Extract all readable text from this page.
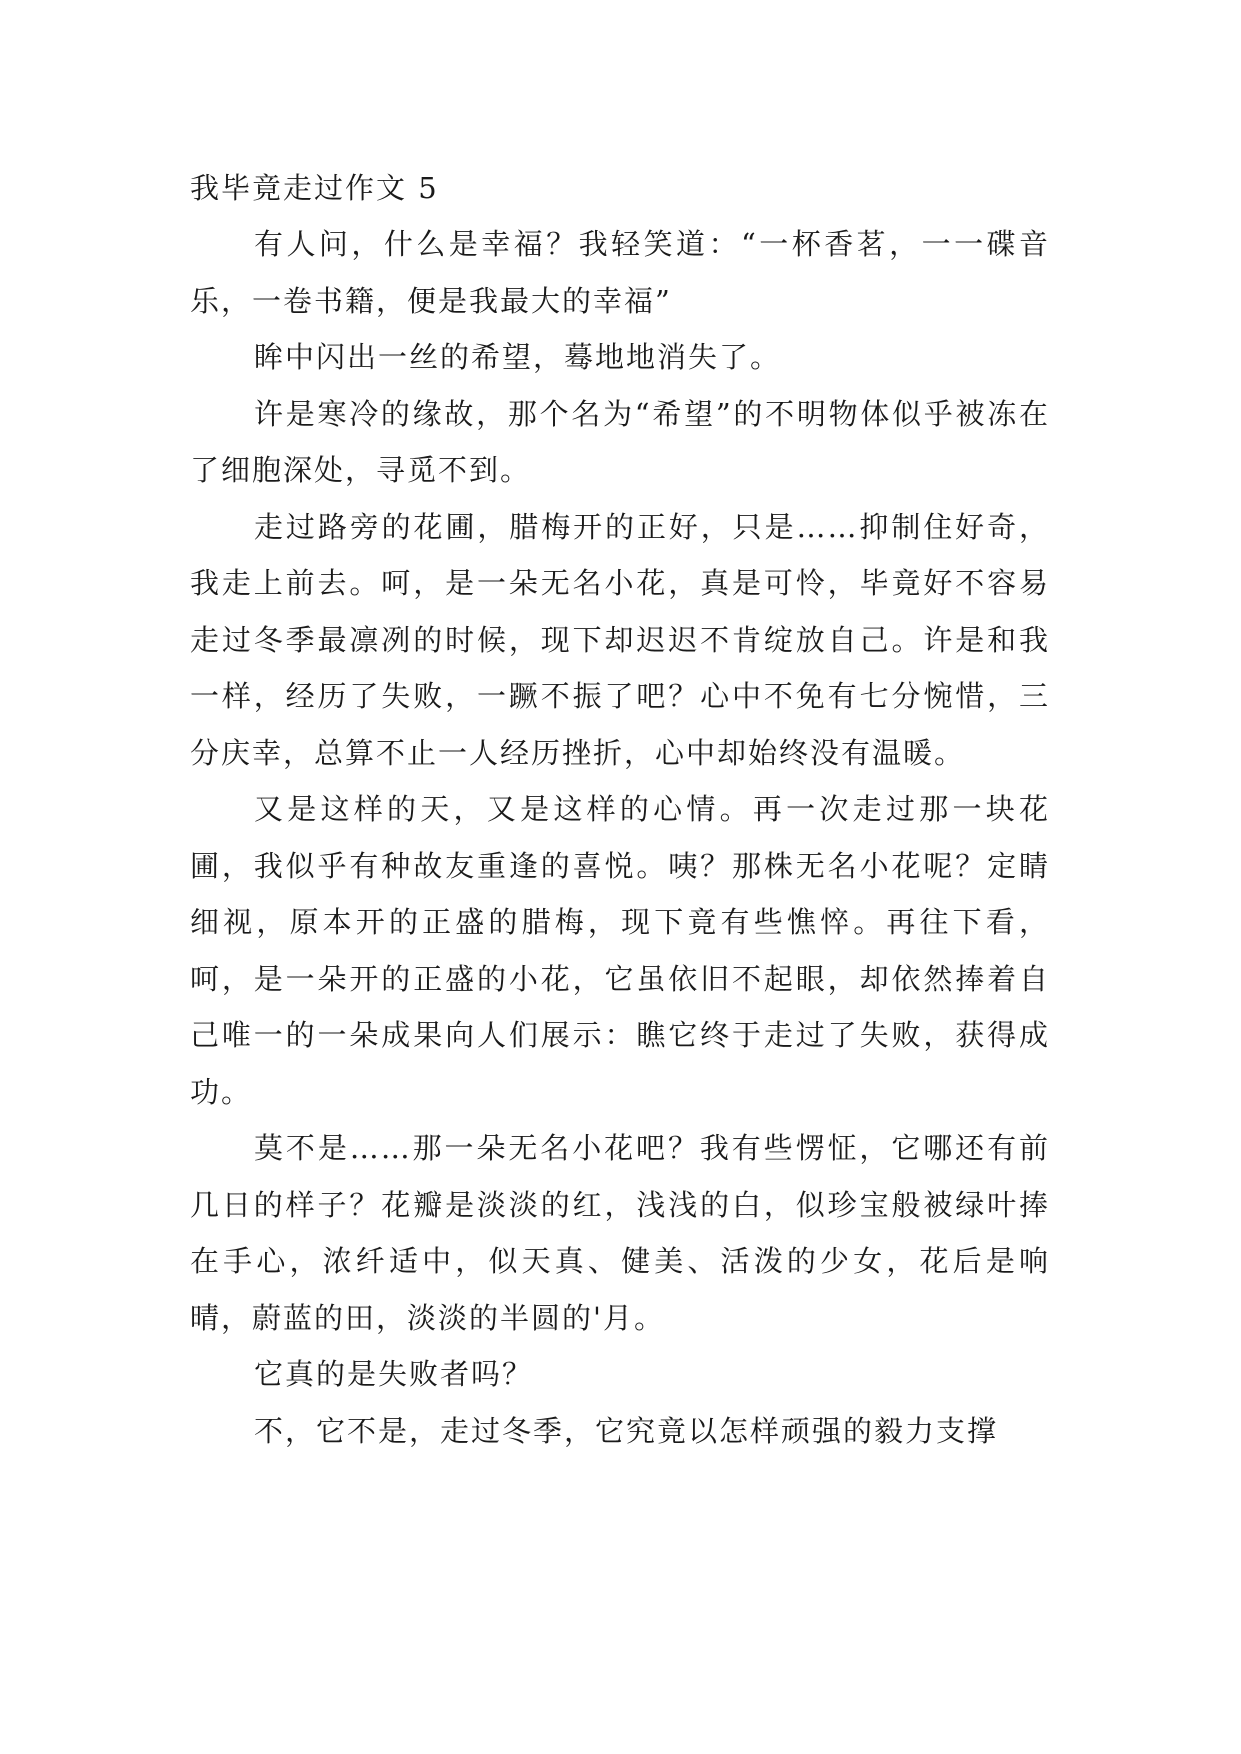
我毕竟走过作文 5

有人问，什么是幸福？我轻笑道：“一杯香茗，一一碟音乐，一卷书籍，便是我最大的幸福”

眸中闪出一丝的希望，蓦地地消失了。

许是寒冷的缘故，那个名为“希望”的不明物体似乎被冻在了细胞深处，寻觅不到。

走过路旁的花圃，腊梅开的正好，只是……抑制住好奇，我走上前去。呵，是一朵无名小花，真是可怜，毕竟好不容易走过冬季最凛冽的时候，现下却迟迟不肯绽放自己。许是和我一样，经历了失败，一蹶不振了吧？心中不免有七分惋惜，三分庆幸，总算不止一人经历挫折，心中却始终没有温暖。

又是这样的天，又是这样的心情。再一次走过那一块花圃，我似乎有种故友重逢的喜悦。咦？那株无名小花呢？定睛细视，原本开的正盛的腊梅，现下竟有些憔悴。再往下看，呵，是一朵开的正盛的小花，它虽依旧不起眼，却依然捧着自己唯一的一朵成果向人们展示：瞧它终于走过了失败，获得成功。

莫不是……那一朵无名小花吧？我有些愣怔，它哪还有前几日的样子？花瓣是淡淡的红，浅浅的白，似珍宝般被绿叶捧在手心，浓纤适中，似天真、健美、活泼的少女，花后是响晴，蔚蓝的田，淡淡的半圆的'月。

它真的是失败者吗？

不，它不是，走过冬季，它究竟以怎样顽强的毅力支撑
